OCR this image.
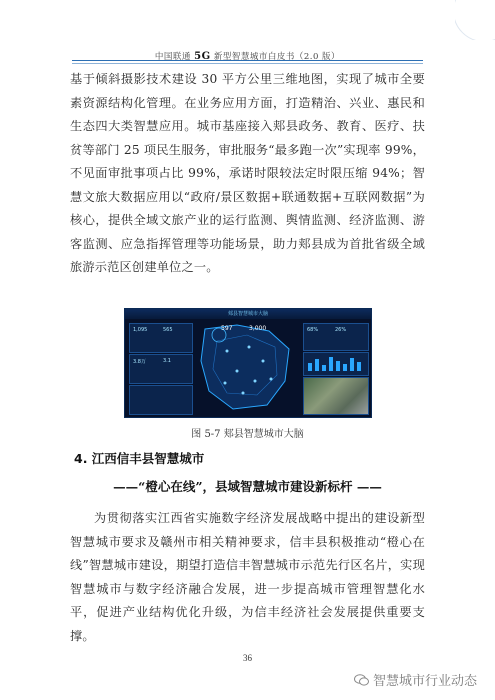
中国联通 5G 新型智慧城市白皮书（2.0 版）
基于倾斜摄影技术建设 30 平方公里三维地图，实现了城市全要素资源结构化管理。在业务应用方面，打造精治、兴业、惠民和生态四大类智慧应用。城市基座接入郏县政务、教育、医疗、扶贫等部门 25 项民生服务，审批服务“最多跑一次”实现率 99%，不见面审批事项占比 99%，承诺时限较法定时限压缩 94%；智慧文旅大数据应用以“政府/景区数据+联通数据+互联网数据”为核心，提供全域文旅产业的运行监测、舆情监测、经济监测、游客监测、应急指挥管理等功能场景，助力郏县成为首批省级全域旅游示范区创建单位之一。
郏县智慧城市大脑
1,095	565
3.8万	3.1
597	3,000	68%	26%
图 5-7 郏县智慧城市大脑
4. 江西信丰县智慧城市
——“橙心在线”，县域智慧城市建设新标杆 ——
为贯彻落实江西省实施数字经济发展战略中提出的建设新型智慧城市要求及赣州市相关精神要求，信丰县积极推动“橙心在线”智慧城市建设，期望打造信丰智慧城市示范先行区名片，实现智慧城市与数字经济融合发展，进一步提高城市管理智慧化水平，促进产业结构优化升级，为信丰经济社会发展提供重要支撑。
36
智慧城市行业动态
